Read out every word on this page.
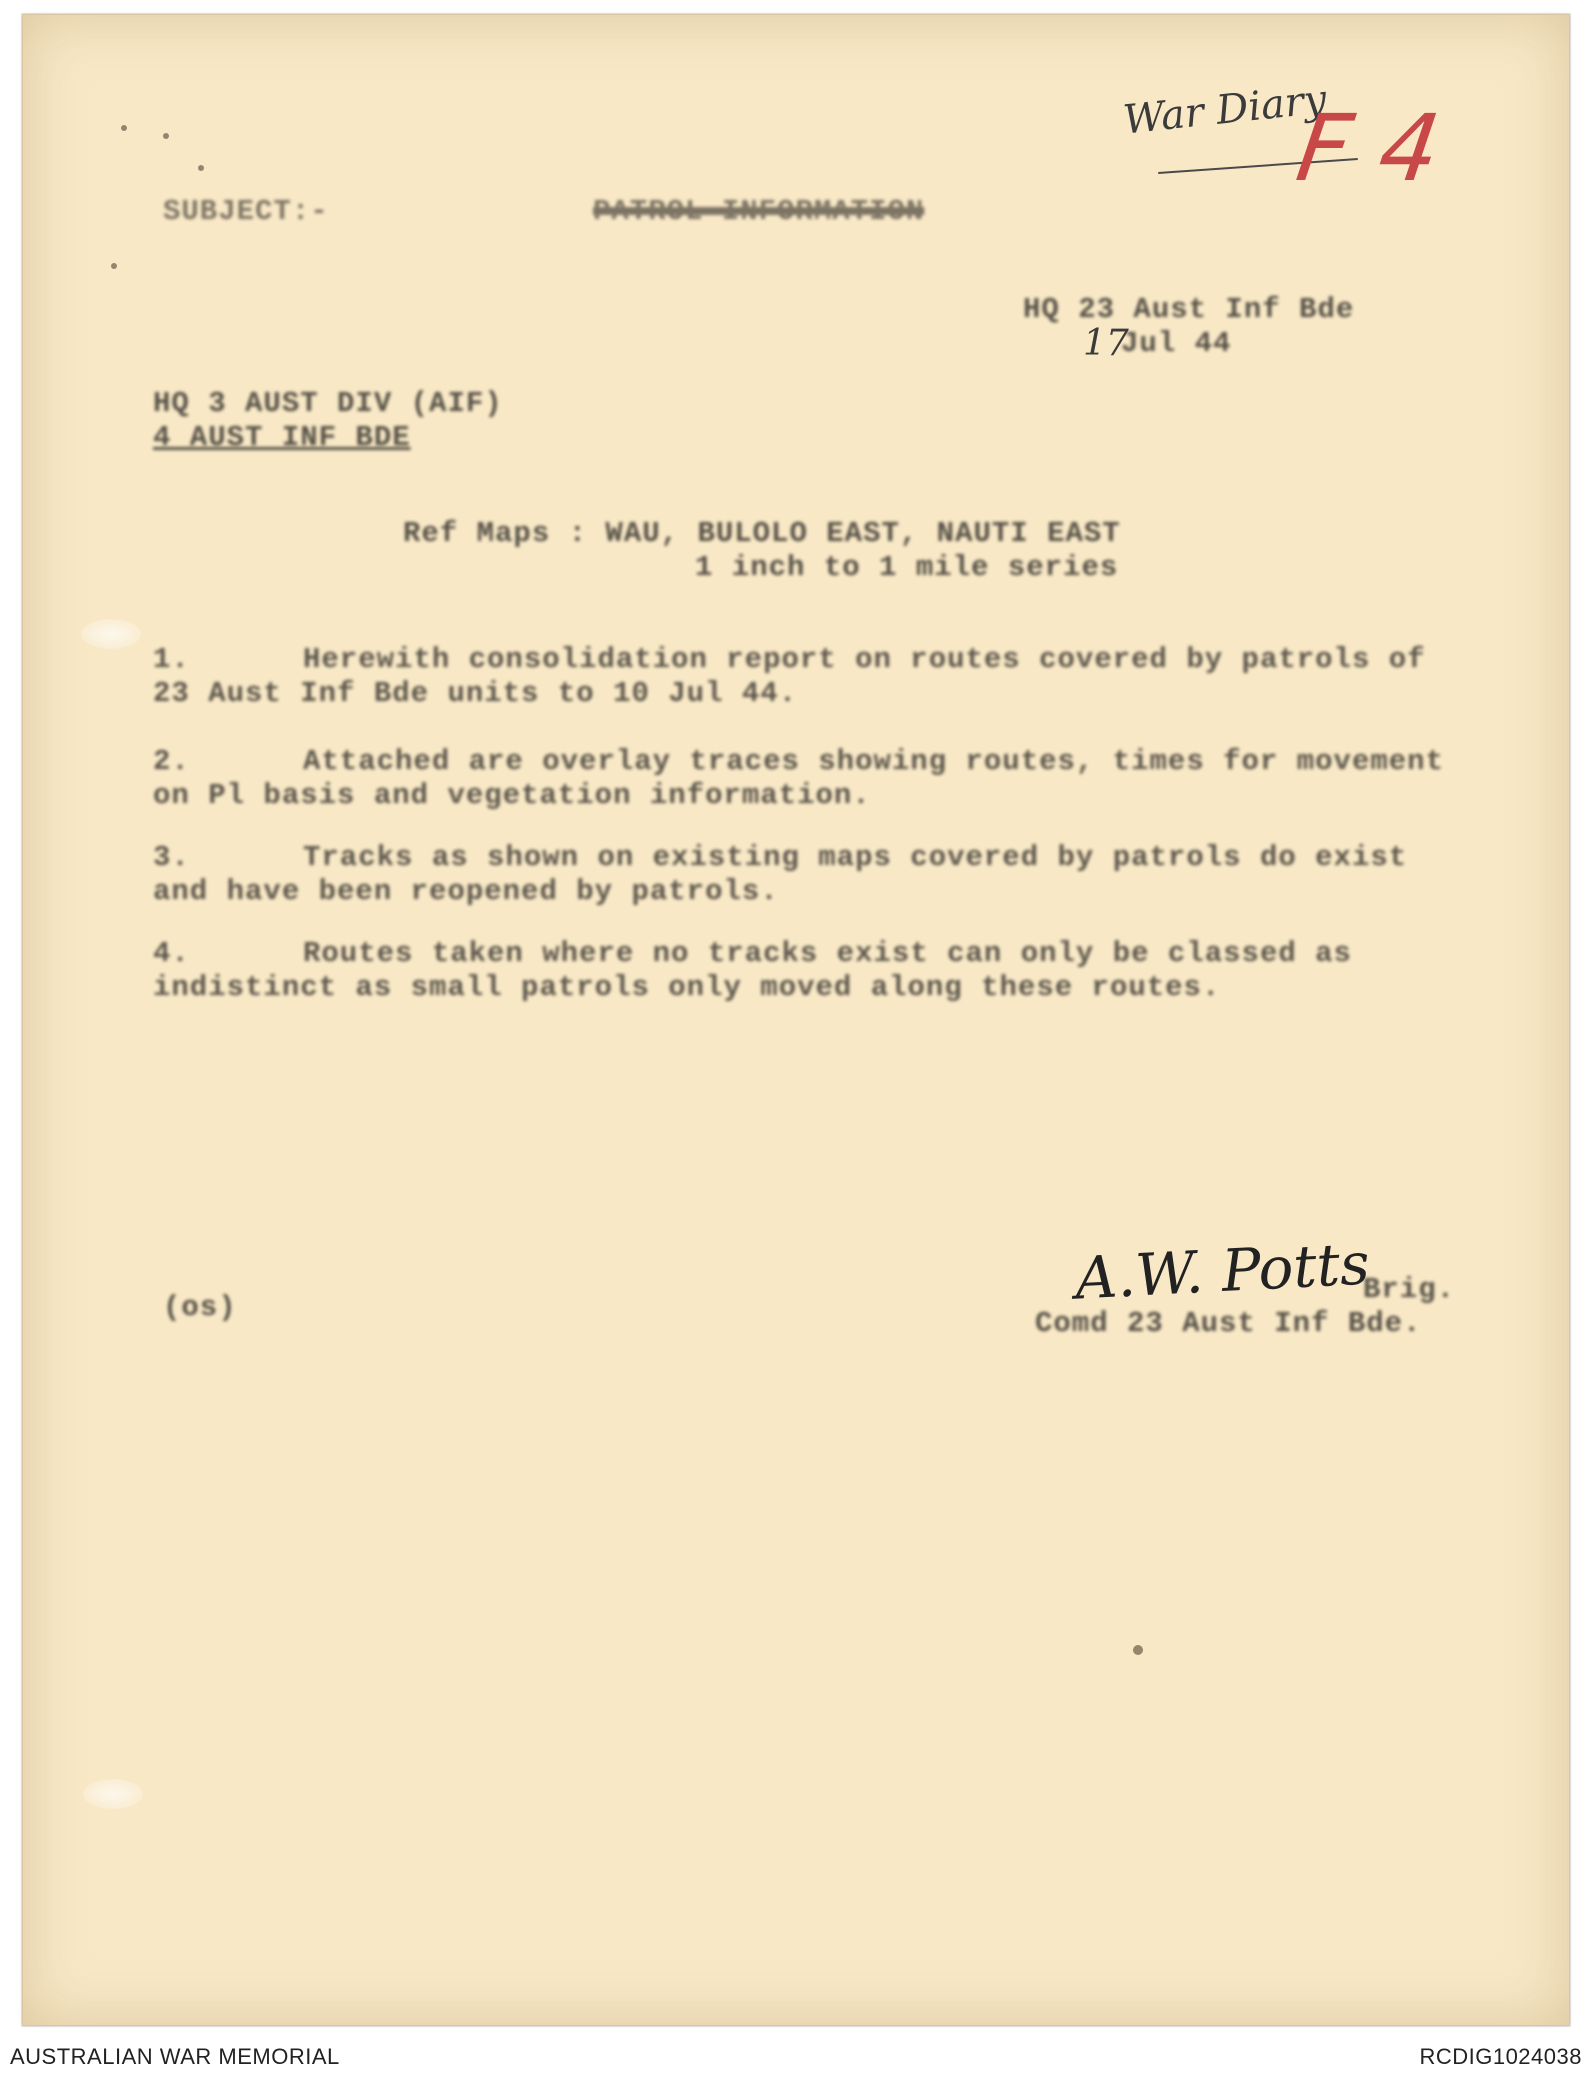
War Diary
F 4
SUBJECT:-	PATROL INFORMATION
HQ 23 Aust Inf Bde
17
Jul 44
HQ 3 AUST DIV (AIF)
4 AUST INF BDE
Ref Maps : WAU, BULOLO EAST, NAUTI EAST
1 inch to 1 mile series
1.	Herewith consolidation report on routes covered by patrols of 23 Aust Inf Bde units to 10 Jul 44.
2.	Attached are overlay traces showing routes, times for movement on Pl basis and vegetation information.
3.	Tracks as shown on existing maps covered by patrols do exist and have been reopened by patrols.
4.	Routes taken where no tracks exist can only be classed as indistinct as small patrols only moved along these routes.
A.W. Potts
Brig.
Comd 23 Aust Inf Bde.
(os)
AUSTRALIAN WAR MEMORIAL	RCDIG1024038
